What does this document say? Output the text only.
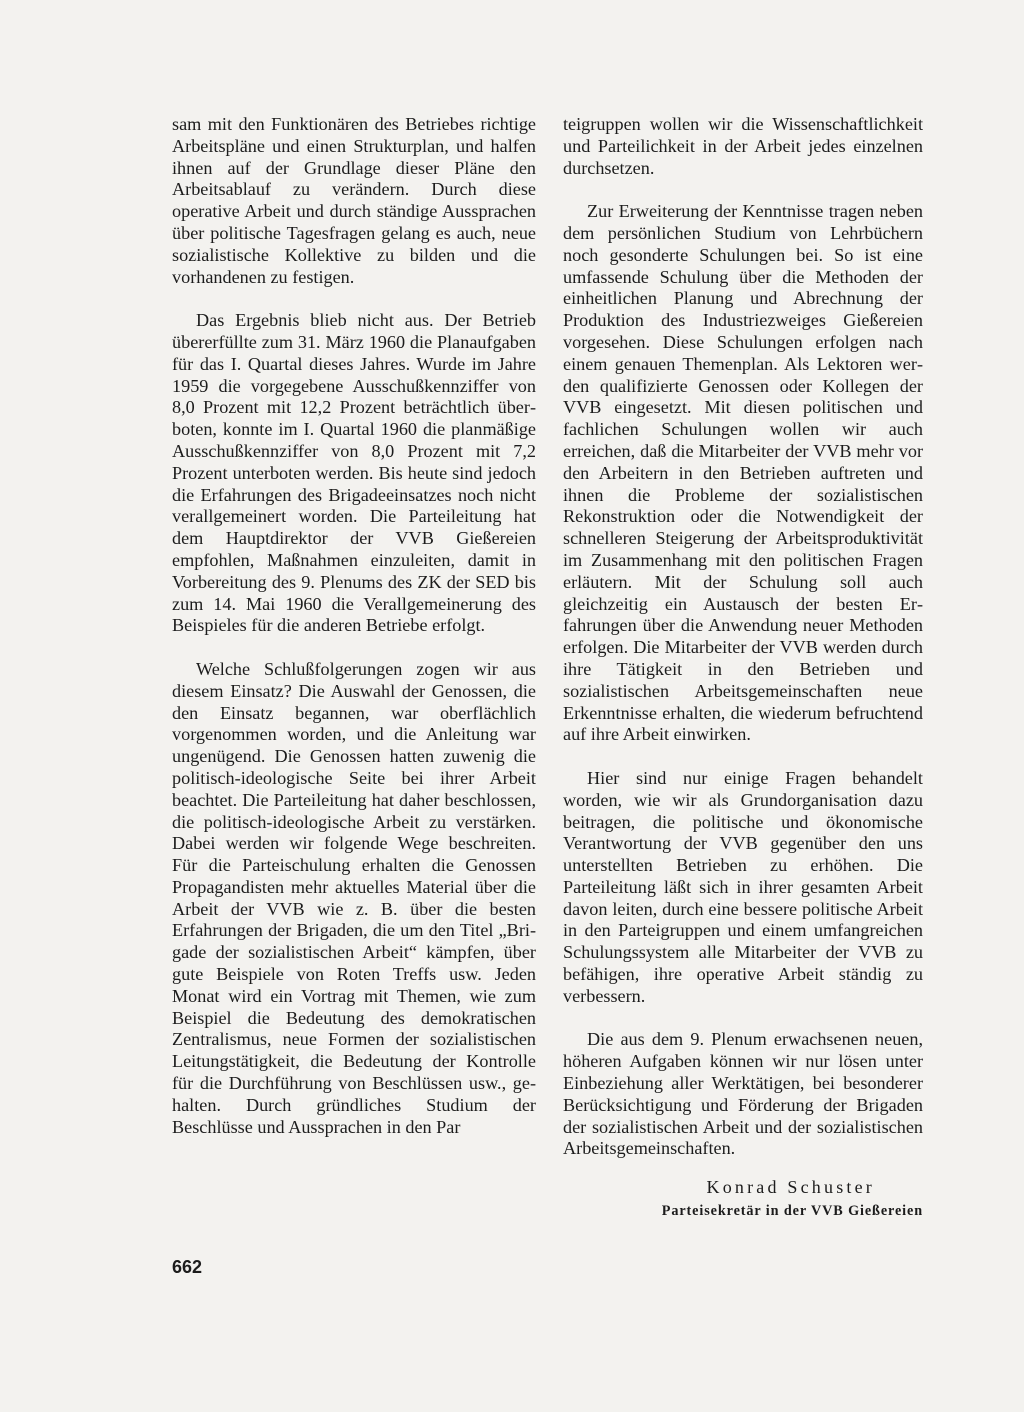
sam mit den Funktionären des Betriebes richtige Arbeitspläne und einen Strukturplan, und halfen ihnen auf der Grundlage dieser Pläne den Arbeitsablauf zu verändern. Durch diese operative Arbeit und durch ständige Aussprachen über politische Tagesfragen gelang es auch, neue sozialistische Kollektive zu bilden und die vorhandenen zu festigen.

Das Ergebnis blieb nicht aus. Der Betrieb übererfüllte zum 31. März 1960 die Planaufgaben für das I. Quartal dieses Jahres. Wurde im Jahre 1959 die vorgegebene Ausschußkennziffer von 8,0 Prozent mit 12,2 Prozent beträchtlich überboten, konnte im I. Quartal 1960 die planmäßige Ausschußkennziffer von 8,0 Prozent mit 7,2 Prozent unterboten werden. Bis heute sind jedoch die Erfahrungen des Brigadeeinsatzes noch nicht verallgemeinert worden. Die Parteileitung hat dem Hauptdirektor der VVB Gießereien empfohlen, Maßnahmen einzuleiten, damit in Vorbereitung des 9. Plenums des ZK der SED bis zum 14. Mai 1960 die Verallgemeinerung des Beispieles für die anderen Betriebe erfolgt.

Welche Schlußfolgerungen zogen wir aus diesem Einsatz? Die Auswahl der Genossen, die den Einsatz begannen, war oberflächlich vorgenommen worden, und die Anleitung war ungenügend. Die Genossen hatten zuwenig die politisch-ideologische Seite bei ihrer Arbeit beachtet. Die Parteileitung hat daher beschlossen, die politisch-ideologische Arbeit zu verstärken. Dabei werden wir folgende Wege beschreiten. Für die Parteischulung erhalten die Genossen Propagandisten mehr aktuelles Material über die Arbeit der VVB wie z. B. über die besten Erfahrungen der Brigaden, die um den Titel „Brigade der sozialistischen Arbeit“ kämpfen, über gute Beispiele von Roten Treffs usw. Jeden Monat wird ein Vortrag mit Themen, wie zum Beispiel die Bedeutung des demokratischen Zentralismus, neue Formen der sozialistischen Leitungstätigkeit, die Bedeutung der Kontrolle für die Durchführung von Beschlüssen usw., gehalten. Durch gründliches Studium der Beschlüsse und Aussprachen in den Par

teigruppen wollen wir die Wissenschaftlichkeit und Parteilichkeit in der Arbeit jedes einzelnen durchsetzen.

Zur Erweiterung der Kenntnisse tragen neben dem persönlichen Studium von Lehrbüchern noch gesonderte Schulungen bei. So ist eine umfassende Schulung über die Methoden der einheitlichen Planung und Abrechnung der Produktion des Industriezweiges Gießereien vorgesehen. Diese Schulungen erfolgen nach einem genauen Themenplan. Als Lektoren werden qualifizierte Genossen oder Kollegen der VVB eingesetzt. Mit diesen politischen und fachlichen Schulungen wollen wir auch erreichen, daß die Mitarbeiter der VVB mehr vor den Arbeitern in den Betrieben auftreten und ihnen die Probleme der sozialistischen Rekonstruktion oder die Notwendigkeit der schnelleren Steigerung der Arbeitsproduktivität im Zusammenhang mit den politischen Fragen erläutern. Mit der Schulung soll auch gleichzeitig ein Austausch der besten Erfahrungen über die Anwendung neuer Methoden erfolgen. Die Mitarbeiter der VVB werden durch ihre Tätigkeit in den Betrieben und sozialistischen Arbeitsgemeinschaften neue Erkenntnisse erhalten, die wiederum befruchtend auf ihre Arbeit einwirken.

Hier sind nur einige Fragen behandelt worden, wie wir als Grundorganisation dazu beitragen, die politische und ökonomische Verantwortung der VVB gegenüber den uns unterstellten Betrieben zu erhöhen. Die Parteileitung läßt sich in ihrer gesamten Arbeit davon leiten, durch eine bessere politische Arbeit in den Parteigruppen und einem umfangreichen Schulungssystem alle Mitarbeiter der VVB zu befähigen, ihre operative Arbeit ständig zu verbessern.

Die aus dem 9. Plenum erwachsenen neuen, höheren Aufgaben können wir nur lösen unter Einbeziehung aller Werktätigen, bei besonderer Berücksichtigung und Förderung der Brigaden der sozialistischen Arbeit und der sozialistischen Arbeitsgemeinschaften.

Konrad Schuster
Parteisekretär in der VVB Gießereien
662
